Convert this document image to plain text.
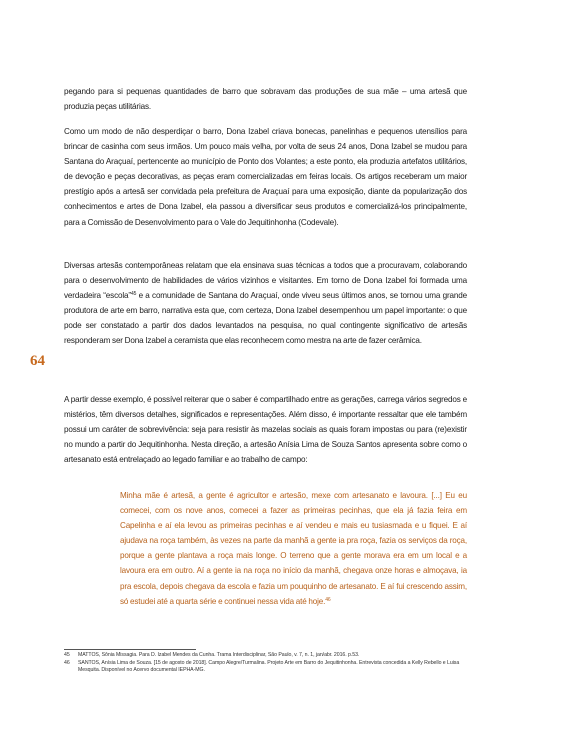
64

pegando para si pequenas quantidades de barro que sobravam das produções de sua mãe – uma artesã que produzia peças utilitárias.

Como um modo de não desperdiçar o barro, Dona Izabel criava bonecas, panelinhas e pequenos utensílios para brincar de casinha com seus irmãos. Um pouco mais velha, por volta de seus 24 anos, Dona Izabel se mudou para Santana do Araçuaí, pertencente ao município de Ponto dos Volantes; a este ponto, ela produzia artefatos utilitários, de devoção e peças decorativas, as peças eram comercializadas em feiras locais. Os artigos receberam um maior prestígio após a artesã ser convidada pela prefeitura de Araçuaí para uma exposição, diante da popularização dos conhecimentos e artes de Dona Izabel, ela passou a diversificar seus produtos e comercializá-los principalmente, para a Comissão de Desenvolvimento para o Vale do Jequitinhonha (Codevale).

Diversas artesãs contemporâneas relatam que ela ensinava suas técnicas a todos que a procuravam, colaborando para o desenvolvimento de habilidades de vários vizinhos e visitantes. Em torno de Dona Izabel foi formada uma verdadeira “escola”$^{45}$ e a comunidade de Santana do Araçuaí, onde viveu seus últimos anos, se tornou uma grande produtora de arte em barro, narrativa esta que, com certeza, Dona Izabel desempenhou um papel importante: o que pode ser constatado a partir dos dados levantados na pesquisa, no qual contingente significativo de artesãs responderam ser Dona Izabel a ceramista que elas reconhecem como mestra na arte de fazer cerâmica.

A partir desse exemplo, é possível reiterar que o saber é compartilhado entre as gerações, carrega vários segredos e mistérios, têm diversos detalhes, significados e representações. Além disso, é importante ressaltar que ele também possui um caráter de sobrevivência: seja para resistir às mazelas sociais as quais foram impostas ou para (re)existir no mundo a partir do Jequitinhonha. Nesta direção, a artesão Anísia Lima de Souza Santos apresenta sobre como o artesanato está entrelaçado ao legado familiar e ao trabalho de campo:

Minha mãe é artesã, a gente é agricultor e artesão, mexe com artesanato e lavoura. [...] Eu eu comecei, com os nove anos, comecei a fazer as primeiras pecinhas, que ela já fazia feira em Capelinha e aí ela levou as primeiras pecinhas e aí vendeu e mais eu tusiasmada e u fiquei. E aí ajudava na roça também, às vezes na parte da manhã a gente ia pra roça, fazia os serviços da roça, porque a gente plantava a roça mais longe. O terreno que a gente morava era em um local e a lavoura era em outro. Aí a gente ia na roça no início da manhã, chegava onze horas e almoçava, ia pra escola, depois chegava da escola e fazia um pouquinho de artesanato. E aí fui crescendo assim, só estudei até a quarta série e continuei nessa vida até hoje.$^{46}$

45	MATTOS, Sônia Missagia. Para D. Izabel Mendes da Cunha. Trama Interdisciplinar, São Paulo, v. 7, n. 1, jan/abr. 2016. p.53.
46	SANTOS, Anísia Lima de Souza. [15 de agosto de 2018]. Campo Alegre/Turmalina. Projeto Arte em Barro do Jequitinhonha. Entrevista concedida a Kelly Rebello e Luisa Mesquita. Disponível no Acervo documental IEPHA-MG.
